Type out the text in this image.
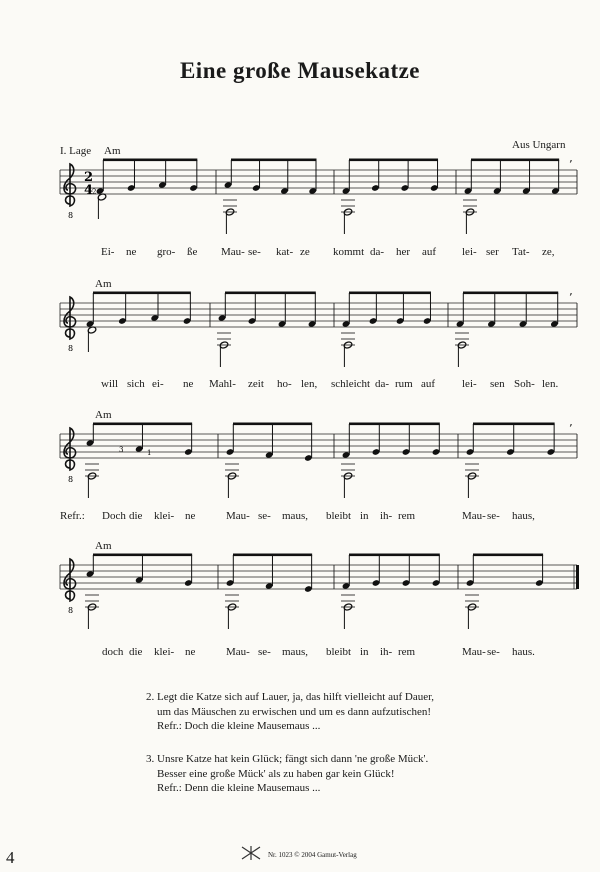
Eine große Mausekatze
I. Lage Am	Aus Ungarn
Am
Am
Am
8
2
4
’
2
8
’
8
’
3	1
8
Ei- ne gro- ße Mau- se- kat- ze kommt da- her auf lei- ser Tat- ze,
will sich ei- ne Mahl- zeit ho- len, schleicht da- rum auf lei- sen Soh- len.
Refr.: Doch die klei- ne	Mau- se- maus, bleibt in ih- rem	Mau- se- haus,
doch die klei- ne	Mau- se- maus, bleibt in ih- rem	Mau- se- haus.
2. Legt die Katze sich auf Lauer, ja, das hilft vielleicht auf Dauer,
um das Mäuschen zu erwischen und um es dann aufzutischen!
Refr.: Doch die kleine Mausemaus ...
3. Unsre Katze hat kein Glück; fängt sich dann 'ne große Mück'.
Besser eine große Mück' als zu haben gar kein Glück!
Refr.: Denn die kleine Mausemaus ...
4	Nr. 1023 © 2004 Gamut-Verlag
